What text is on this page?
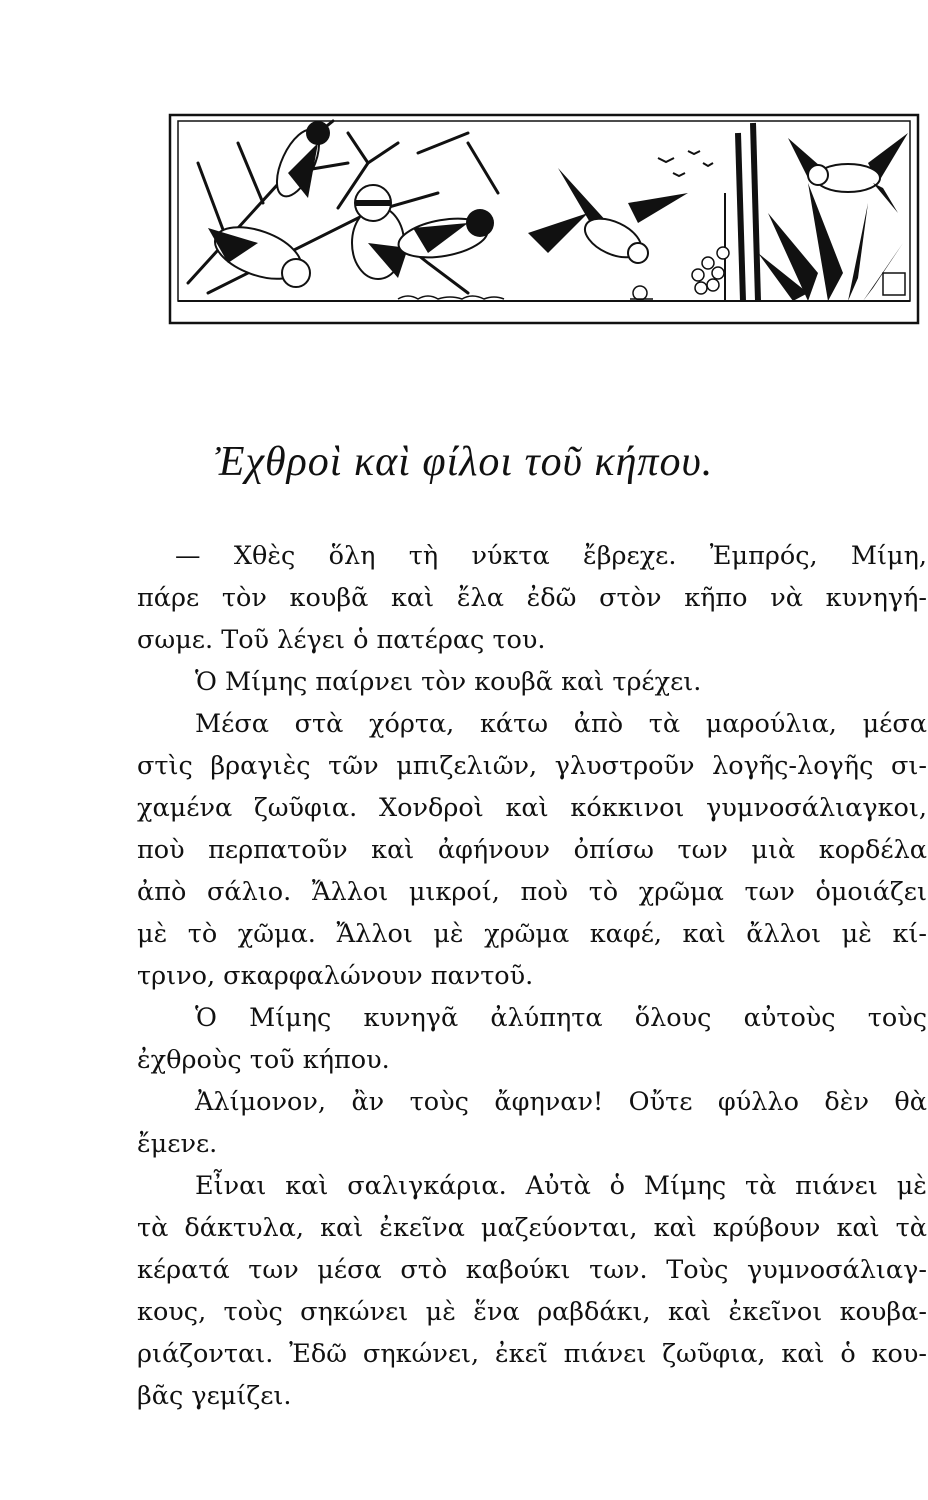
Ἐχθροὶ καὶ φίλοι τοῦ κήπου.
— Χθὲς ὅλη τὴ νύκτα ἔβρεχε. Ἐμπρός, Μίμη,
πάρε τὸν κουβᾶ καὶ ἔλα ἐδῶ στὸν κῆπο νὰ κυνηγή-
σωμε. Τοῦ λέγει ὁ πατέρας του.
Ὁ Μίμης παίρνει τὸν κουβᾶ καὶ τρέχει.
Μέσα στὰ χόρτα, κάτω ἀπὸ τὰ μαρούλια, μέσα
στὶς βραγιὲς τῶν μπιζελιῶν, γλυστροῦν λογῆς-λογῆς σι-
χαμένα ζωῦφια. Χονδροὶ καὶ κόκκινοι γυμνοσάλιαγκοι,
ποὺ περπατοῦν καὶ ἀφήνουν ὀπίσω των μιὰ κορδέλα
ἀπὸ σάλιο. Ἄλλοι μικροί, ποὺ τὸ χρῶμα των ὁμοιάζει
μὲ τὸ χῶμα. Ἄλλοι μὲ χρῶμα καφέ, καὶ ἄλλοι μὲ κί-
τρινο, σκαρφαλώνουν παντοῦ.
Ὁ Μίμης κυνηγᾶ ἀλύπητα ὅλους αὐτοὺς τοὺς
ἐχθροὺς τοῦ κήπου.
Ἀλίμονον, ἂν τοὺς ἄφηναν! Οὔτε φύλλο δὲν θὰ
ἔμενε.
Εἶναι καὶ σαλιγκάρια. Αὐτὰ ὁ Μίμης τὰ πιάνει μὲ
τὰ δάκτυλα, καὶ ἐκεῖνα μαζεύονται, καὶ κρύβουν καὶ τὰ
κέρατά των μέσα στὸ καβούκι των. Τοὺς γυμνοσάλιαγ-
κους, τοὺς σηκώνει μὲ ἕνα ραβδάκι, καὶ ἐκεῖνοι κουβα-
ριάζονται. Ἐδῶ σηκώνει, ἐκεῖ πιάνει ζωῦφια, καὶ ὁ κου-
βᾶς γεμίζει.
